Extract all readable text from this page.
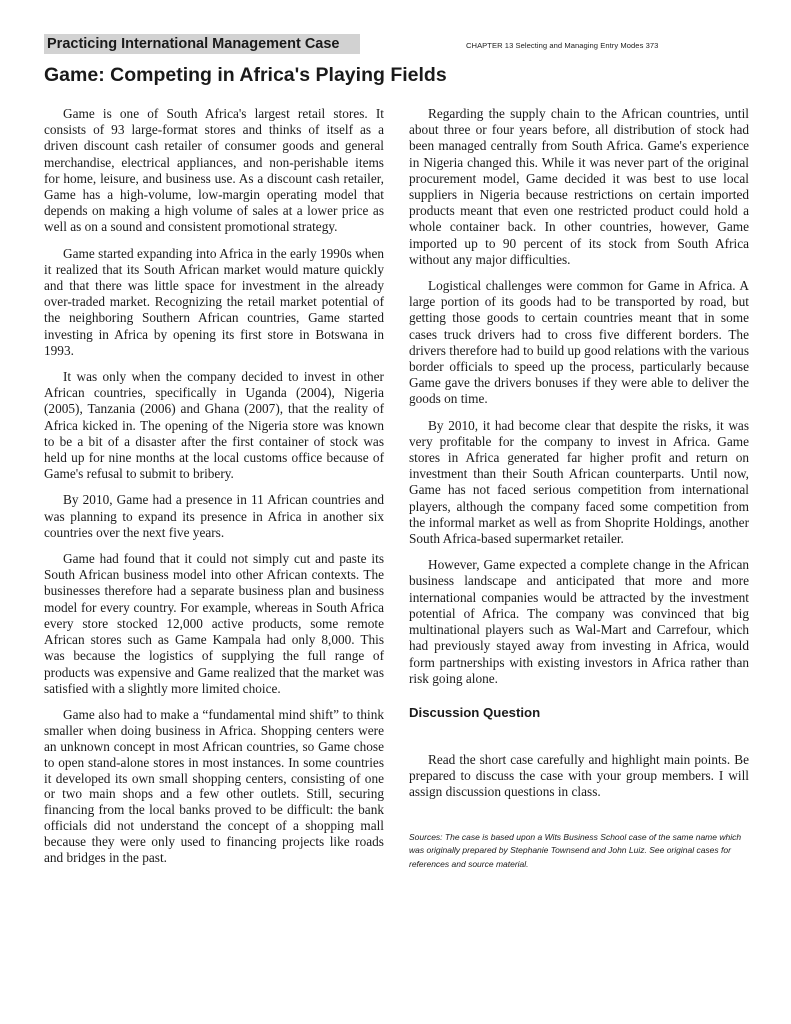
Practicing International Management Case	CHAPTER 13 Selecting and Managing Entry Modes 373
Game: Competing in Africa's Playing Fields

Game is one of South Africa's largest retail stores. It consists of 93 large-format stores and thinks of itself as a driven discount cash retailer of consumer goods and general merchandise, electrical appliances, and non-perishable items for home, leisure, and business use. As a discount cash retailer, Game has a high-volume, low-margin operating model that depends on making a high volume of sales at a lower price as well as on a sound and consistent promotional strategy.

Game started expanding into Africa in the early 1990s when it realized that its South African market would mature quickly and that there was little space for investment in the already over-traded market. Recognizing the retail market potential of the neighboring Southern African countries, Game started investing in Africa by opening its first store in Botswana in 1993.

It was only when the company decided to invest in other African countries, specifically in Uganda (2004), Nigeria (2005), Tanzania (2006) and Ghana (2007), that the reality of Africa kicked in. The opening of the Nigeria store was known to be a bit of a disaster after the first container of stock was held up for nine months at the local customs office because of Game's refusal to submit to bribery.

By 2010, Game had a presence in 11 African countries and was planning to expand its presence in Africa in another six countries over the next five years.

Game had found that it could not simply cut and paste its South African business model into other African contexts. The businesses therefore had a separate business plan and business model for every country. For example, whereas in South Africa every store stocked 12,000 active products, some remote African stores such as Game Kampala had only 8,000. This was because the logistics of supplying the full range of products was expensive and Game realized that the market was satisfied with a slightly more limited choice.

Game also had to make a “fundamental mind shift” to think smaller when doing business in Africa. Shopping centers were an unknown concept in most African countries, so Game chose to open stand-alone stores in most instances. In some countries it developed its own small shopping centers, consisting of one or two main shops and a few other outlets. Still, securing financing from the local banks proved to be difficult: the bank officials did not understand the concept of a shopping mall because they were only used to financing projects like roads and bridges in the past.

Regarding the supply chain to the African countries, until about three or four years before, all distribution of stock had been managed centrally from South Africa. Game's experience in Nigeria changed this. While it was never part of the original procurement model, Game decided it was best to use local suppliers in Nigeria because restrictions on certain imported products meant that even one restricted product could hold a whole container back. In other countries, however, Game imported up to 90 percent of its stock from South Africa without any major difficulties.

Logistical challenges were common for Game in Africa. A large portion of its goods had to be transported by road, but getting those goods to certain countries meant that in some cases truck drivers had to cross five different borders. The drivers therefore had to build up good relations with the various border officials to speed up the process, particularly because Game gave the drivers bonuses if they were able to deliver the goods on time.

By 2010, it had become clear that despite the risks, it was very profitable for the company to invest in Africa. Game stores in Africa generated far higher profit and return on investment than their South African counterparts. Until now, Game has not faced serious competition from international players, although the company faced some competition from the informal market as well as from Shoprite Holdings, another South Africa-based supermarket retailer.

However, Game expected a complete change in the African business landscape and anticipated that more and more international companies would be attracted by the investment potential of Africa. The company was convinced that big multinational players such as Wal-Mart and Carrefour, which had previously stayed away from investing in Africa, would form partnerships with existing investors in Africa rather than risk going alone.

Discussion Question

Read the short case carefully and highlight main points. Be prepared to discuss the case with your group members. I will assign discussion questions in class.

Sources: The case is based upon a Wits Business School case of the same name which was originally prepared by Stephanie Townsend and John Luiz. See original cases for references and source material.
